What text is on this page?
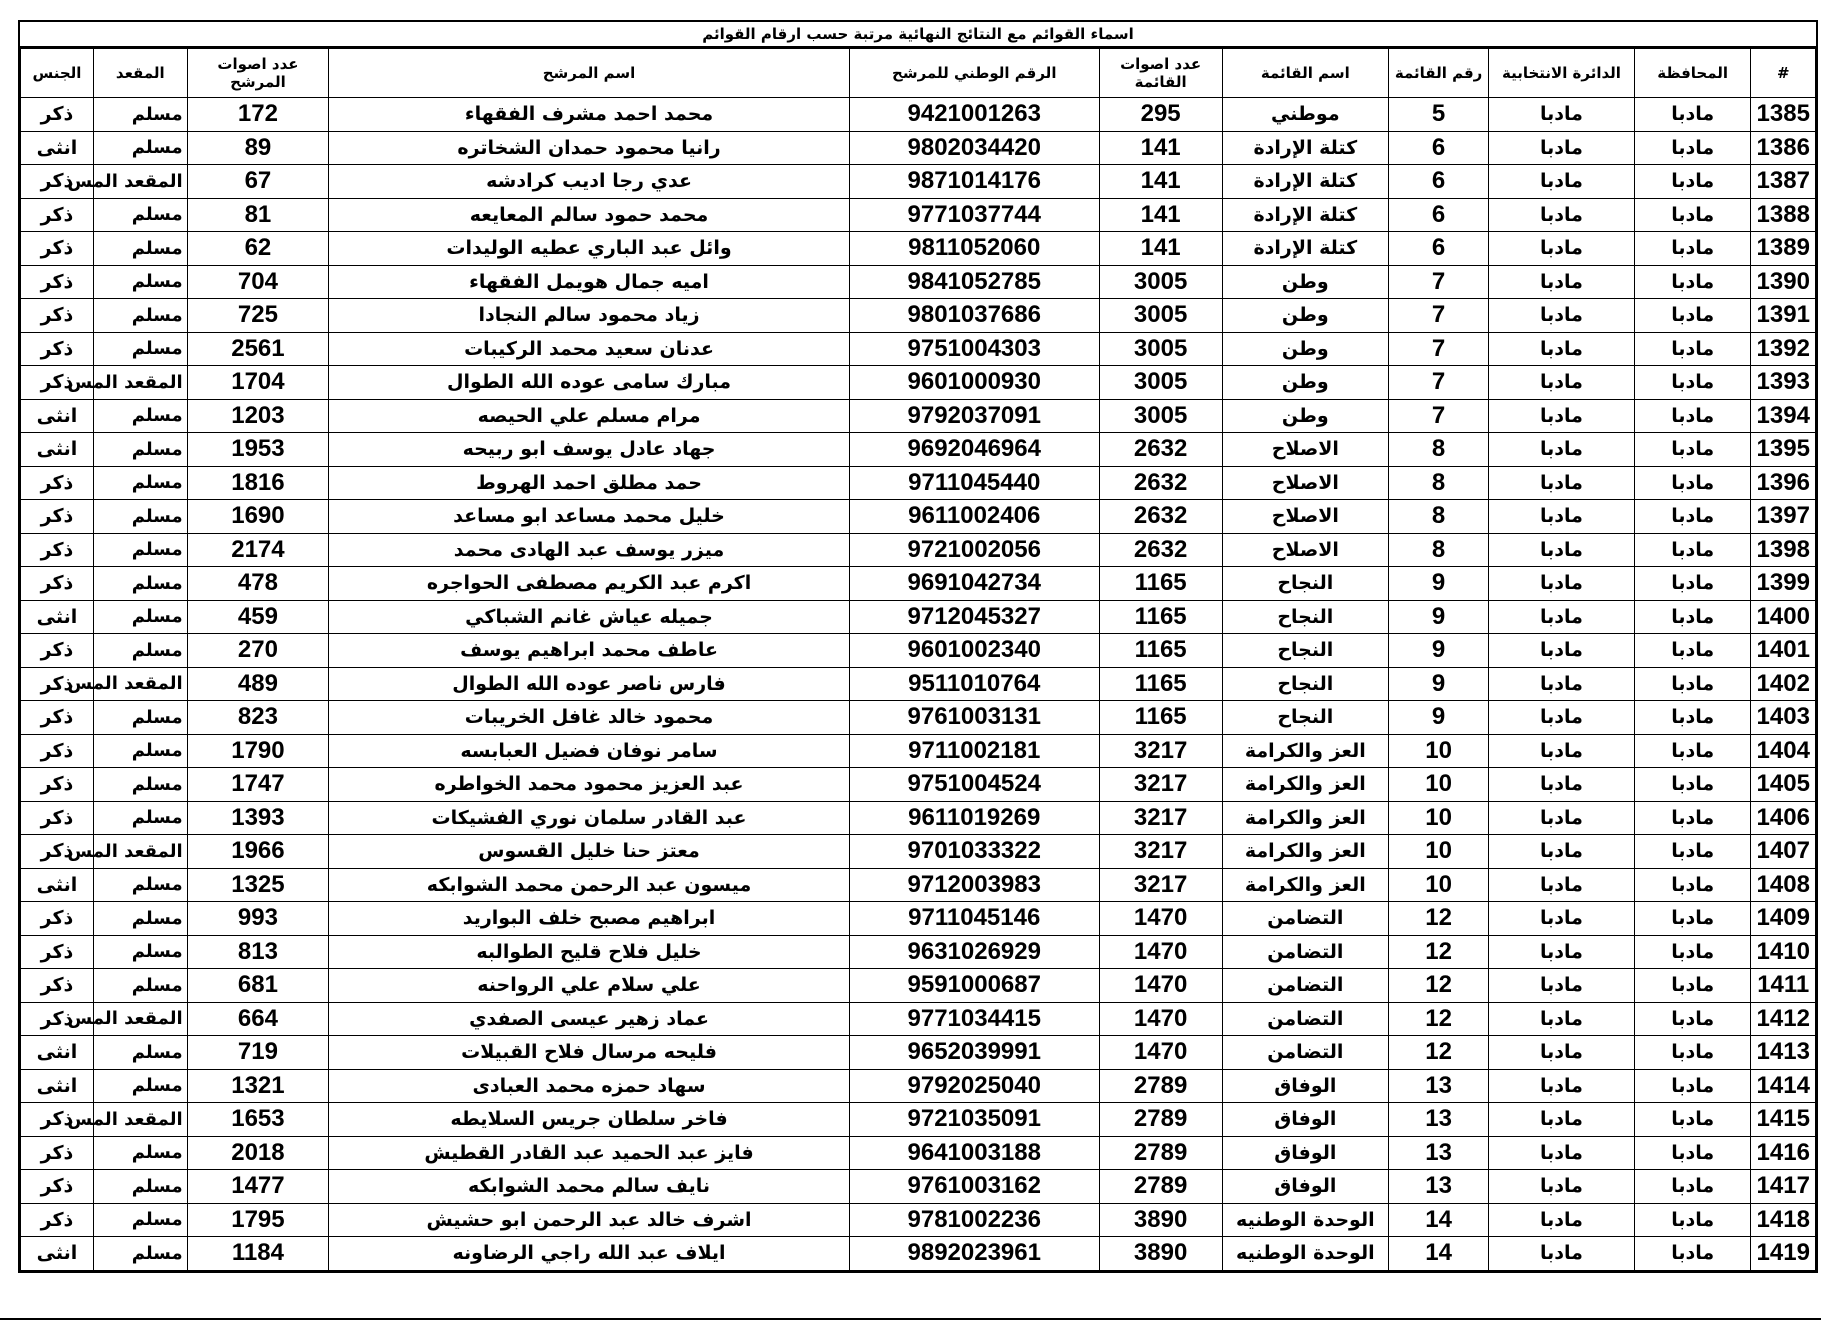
اسماء القوائم مع النتائج النهائية مرتبة حسب ارقام القوائم
#	المحافظة	الدائرة الانتخابية	رقم القائمة	اسم القائمة	عدد اصوات القائمة	الرقم الوطني للمرشح	اسم المرشح	عدد اصوات المرشح	المقعد	الجنس
1385	مادبا	مادبا	5	موطني	295	9421001263	محمد احمد مشرف الفقهاء	172	مسلم	ذكر
1386	مادبا	مادبا	6	كتلة الإرادة	141	9802034420	رانيا محمود حمدان الشخاتره	89	مسلم	انثى
1387	مادبا	مادبا	6	كتلة الإرادة	141	9871014176	عدي رجا اديب كرادشه	67	المقعد المس	ذكر
1388	مادبا	مادبا	6	كتلة الإرادة	141	9771037744	محمد حمود سالم المعايعه	81	مسلم	ذكر
1389	مادبا	مادبا	6	كتلة الإرادة	141	9811052060	وائل عبد الباري عطيه الوليدات	62	مسلم	ذكر
1390	مادبا	مادبا	7	وطن	3005	9841052785	اميه جمال هويمل الفقهاء	704	مسلم	ذكر
1391	مادبا	مادبا	7	وطن	3005	9801037686	زياد محمود سالم النجادا	725	مسلم	ذكر
1392	مادبا	مادبا	7	وطن	3005	9751004303	عدنان سعيد محمد الركيبات	2561	مسلم	ذكر
1393	مادبا	مادبا	7	وطن	3005	9601000930	مبارك سامى عوده الله الطوال	1704	المقعد المس	ذكر
1394	مادبا	مادبا	7	وطن	3005	9792037091	مرام مسلم علي الحيصه	1203	مسلم	انثى
1395	مادبا	مادبا	8	الاصلاح	2632	9692046964	جهاد عادل يوسف ابو ربيحه	1953	مسلم	انثى
1396	مادبا	مادبا	8	الاصلاح	2632	9711045440	حمد مطلق احمد الهروط	1816	مسلم	ذكر
1397	مادبا	مادبا	8	الاصلاح	2632	9611002406	خليل محمد مساعد ابو مساعد	1690	مسلم	ذكر
1398	مادبا	مادبا	8	الاصلاح	2632	9721002056	ميزر يوسف عبد الهادى محمد	2174	مسلم	ذكر
1399	مادبا	مادبا	9	النجاح	1165	9691042734	اكرم عبد الكريم مصطفى الحواجره	478	مسلم	ذكر
1400	مادبا	مادبا	9	النجاح	1165	9712045327	جميله عياش غانم الشباكي	459	مسلم	انثى
1401	مادبا	مادبا	9	النجاح	1165	9601002340	عاطف محمد ابراهيم يوسف	270	مسلم	ذكر
1402	مادبا	مادبا	9	النجاح	1165	9511010764	فارس ناصر عوده الله الطوال	489	المقعد المس	ذكر
1403	مادبا	مادبا	9	النجاح	1165	9761003131	محمود خالد غافل الخريبات	823	مسلم	ذكر
1404	مادبا	مادبا	10	العز والكرامة	3217	9711002181	سامر نوفان فضيل العبابسه	1790	مسلم	ذكر
1405	مادبا	مادبا	10	العز والكرامة	3217	9751004524	عبد العزيز محمود محمد الخواطره	1747	مسلم	ذكر
1406	مادبا	مادبا	10	العز والكرامة	3217	9611019269	عبد القادر سلمان نوري الفشيكات	1393	مسلم	ذكر
1407	مادبا	مادبا	10	العز والكرامة	3217	9701033322	معتز حنا خليل القسوس	1966	المقعد المس	ذكر
1408	مادبا	مادبا	10	العز والكرامة	3217	9712003983	ميسون عبد الرحمن محمد الشوابكه	1325	مسلم	انثى
1409	مادبا	مادبا	12	التضامن	1470	9711045146	ابراهيم مصبح خلف البواريد	993	مسلم	ذكر
1410	مادبا	مادبا	12	التضامن	1470	9631026929	خليل فلاح قليح الطوالبه	813	مسلم	ذكر
1411	مادبا	مادبا	12	التضامن	1470	9591000687	علي سلام علي الرواحنه	681	مسلم	ذكر
1412	مادبا	مادبا	12	التضامن	1470	9771034415	عماد زهير عيسى الصفدي	664	المقعد المس	ذكر
1413	مادبا	مادبا	12	التضامن	1470	9652039991	فليحه مرسال فلاح القبيلات	719	مسلم	انثى
1414	مادبا	مادبا	13	الوفاق	2789	9792025040	سهاد حمزه محمد العبادى	1321	مسلم	انثى
1415	مادبا	مادبا	13	الوفاق	2789	9721035091	فاخر سلطان جريس السلايطه	1653	المقعد المس	ذكر
1416	مادبا	مادبا	13	الوفاق	2789	9641003188	فايز عبد الحميد عبد القادر القطيش	2018	مسلم	ذكر
1417	مادبا	مادبا	13	الوفاق	2789	9761003162	نايف سالم محمد الشوابكه	1477	مسلم	ذكر
1418	مادبا	مادبا	14	الوحدة الوطنيه	3890	9781002236	اشرف خالد عبد الرحمن ابو حشيش	1795	مسلم	ذكر
1419	مادبا	مادبا	14	الوحدة الوطنيه	3890	9892023961	ايلاف عبد الله راجي الرضاونه	1184	مسلم	انثى
